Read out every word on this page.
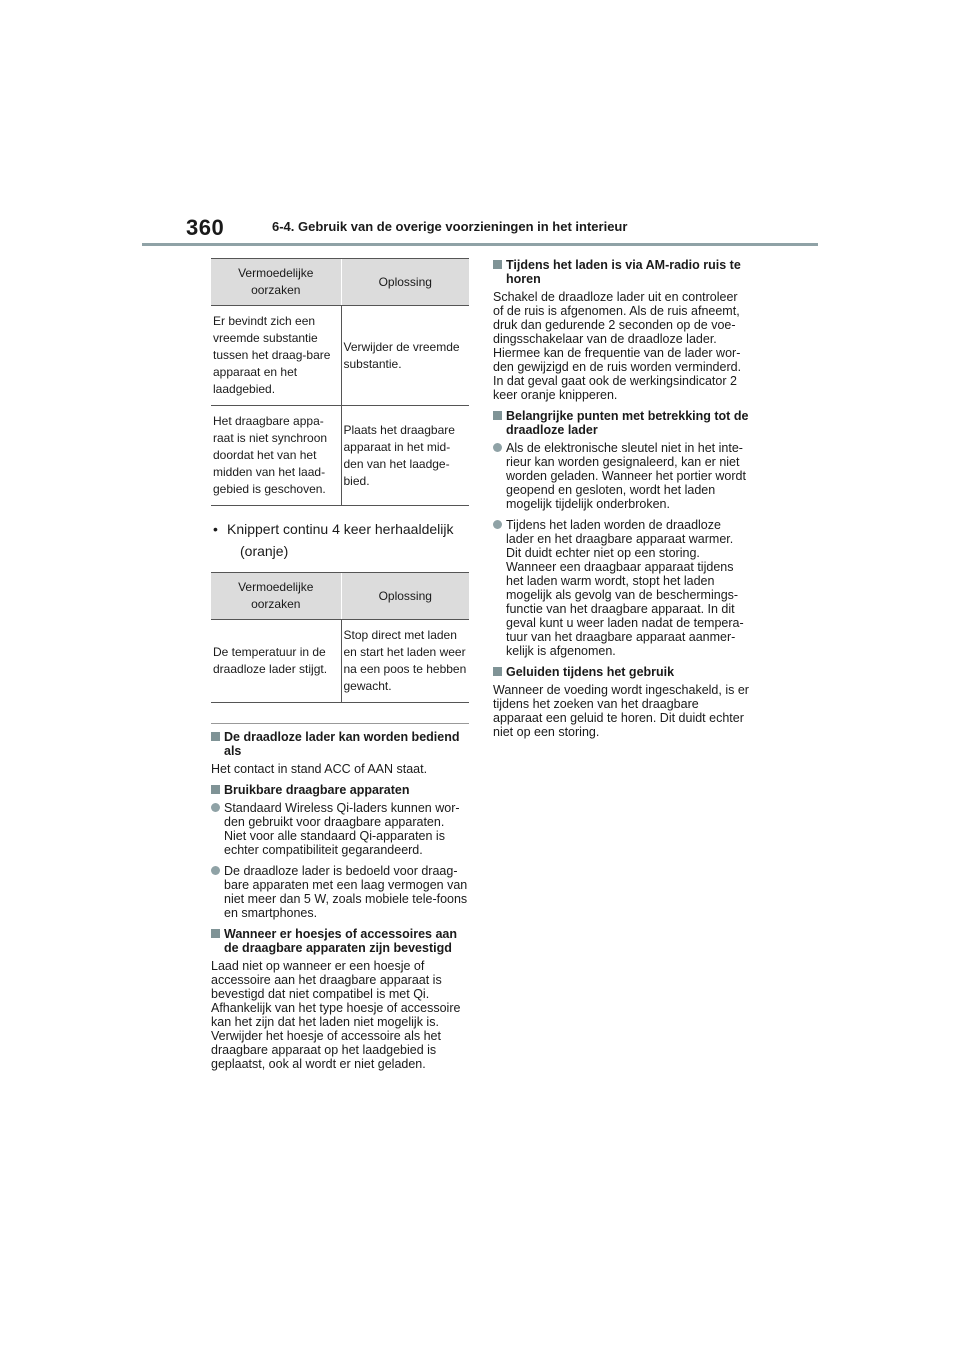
360	6-4. Gebruik van de overige voorzieningen in het interieur
Vermoedelijke oorzaken	Oplossing
Er bevindt zich een vreemde substantie tussen het draag-bare apparaat en het laadgebied.	Verwijder de vreemde substantie.
Het draagbare appa-raat is niet synchroon doordat het van het midden van het laad-gebied is geschoven.	Plaats het draagbare apparaat in het mid-den van het laadge-bied.
• Knippert continu 4 keer herhaaldelijk
(oranje)
Vermoedelijke oorzaken	Oplossing
De temperatuur in de draadloze lader stijgt.	Stop direct met laden en start het laden weer na een poos te hebben gewacht.
De draadloze lader kan worden bediend als

Het contact in stand ACC of AAN staat.

Bruikbare draagbare apparaten
Standaard Wireless Qi-laders kunnen wor-den gebruikt voor draagbare apparaten. Niet voor alle standaard Qi-apparaten is echter compatibiliteit gegarandeerd.
De draadloze lader is bedoeld voor draag-bare apparaten met een laag vermogen van niet meer dan 5 W, zoals mobiele tele-foons en smartphones.
Wanneer er hoesjes of accessoires aan de draagbare apparaten zijn bevestigd

Laad niet op wanneer er een hoesje of accessoire aan het draagbare apparaat is bevestigd dat niet compatibel is met Qi. Afhankelijk van het type hoesje of accessoire kan het zijn dat het laden niet mogelijk is. Verwijder het hoesje of accessoire als het draagbare apparaat op het laadgebied is geplaatst, ook al wordt er niet geladen.

Tijdens het laden is via AM-radio ruis te horen

Schakel de draadloze lader uit en controleer of de ruis is afgenomen. Als de ruis afneemt, druk dan gedurende 2 seconden op de voe-dingsschakelaar van de draadloze lader. Hiermee kan de frequentie van de lader wor-den gewijzigd en de ruis worden verminderd. In dat geval gaat ook de werkingsindicator 2 keer oranje knipperen.

Belangrijke punten met betrekking tot de draadloze lader
Als de elektronische sleutel niet in het inte-rieur kan worden gesignaleerd, kan er niet worden geladen. Wanneer het portier wordt geopend en gesloten, wordt het laden mogelijk tijdelijk onderbroken.
Tijdens het laden worden de draadloze lader en het draagbare apparaat warmer. Dit duidt echter niet op een storing. Wanneer een draagbaar apparaat tijdens het laden warm wordt, stopt het laden mogelijk als gevolg van de beschermings-functie van het draagbare apparaat. In dit geval kunt u weer laden nadat de tempera-tuur van het draagbare apparaat aanmer-kelijk is afgenomen.
Geluiden tijdens het gebruik

Wanneer de voeding wordt ingeschakeld, is er tijdens het zoeken van het draagbare apparaat een geluid te horen. Dit duidt echter niet op een storing.
